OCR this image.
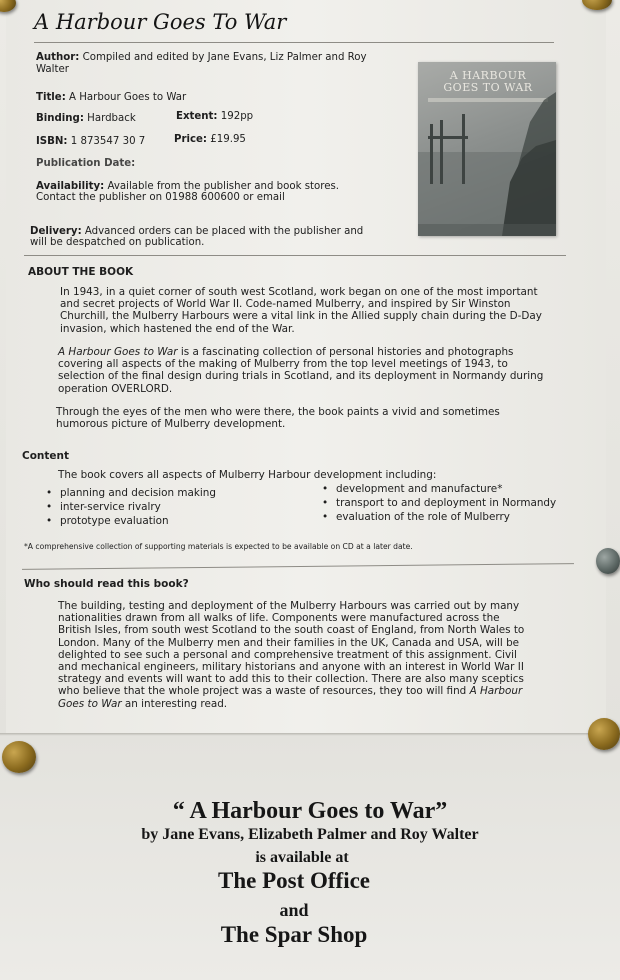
A Harbour Goes To War
Author: Compiled and edited by Jane Evans, Liz Palmer and Roy
Walter
Title: A Harbour Goes to War
Binding: Hardback	Extent: 192pp
ISBN: 1 873547 30 7	Price: £19.95
Publication Date:
Availability: Available from the publisher and book stores.
Contact the publisher on 01988 600600 or email
Delivery: Advanced orders can be placed with the publisher and
will be despatched on publication.
A HARBOUR
GOES TO WAR
ABOUT THE BOOK
In 1943, in a quiet corner of south west Scotland, work began on one of the most important and secret projects of World War II. Code-named Mulberry, and inspired by Sir Winston Churchill, the Mulberry Harbours were a vital link in the Allied supply chain during the D-Day invasion, which hastened the end of the War.
A Harbour Goes to War is a fascinating collection of personal histories and photographs covering all aspects of the making of Mulberry from the top level meetings of 1943, to selection of the final design during trials in Scotland, and its deployment in Normandy during operation OVERLORD.
Through the eyes of the men who were there, the book paints a vivid and sometimes humorous picture of Mulberry development.
Content
The book covers all aspects of Mulberry Harbour development including:
• planning and decision making
• inter-service rivalry
• prototype evaluation
• development and manufacture*
• transport to and deployment in Normandy
• evaluation of the role of Mulberry
*A comprehensive collection of supporting materials is expected to be available on CD at a later date.
Who should read this book?
The building, testing and deployment of the Mulberry Harbours was carried out by many nationalities drawn from all walks of life. Components were manufactured across the British Isles, from south west Scotland to the south coast of England, from North Wales to London. Many of the Mulberry men and their families in the UK, Canada and USA, will be delighted to see such a personal and comprehensive treatment of this assignment. Civil and mechanical engineers, military historians and anyone with an interest in World War II strategy and events will want to add this to their collection. There are also many sceptics who believe that the whole project was a waste of resources, they too will find A Harbour Goes to War an interesting read.
“ A Harbour Goes to War”
by Jane Evans, Elizabeth Palmer and Roy Walter
is available at
The Post Office
and
The Spar Shop
